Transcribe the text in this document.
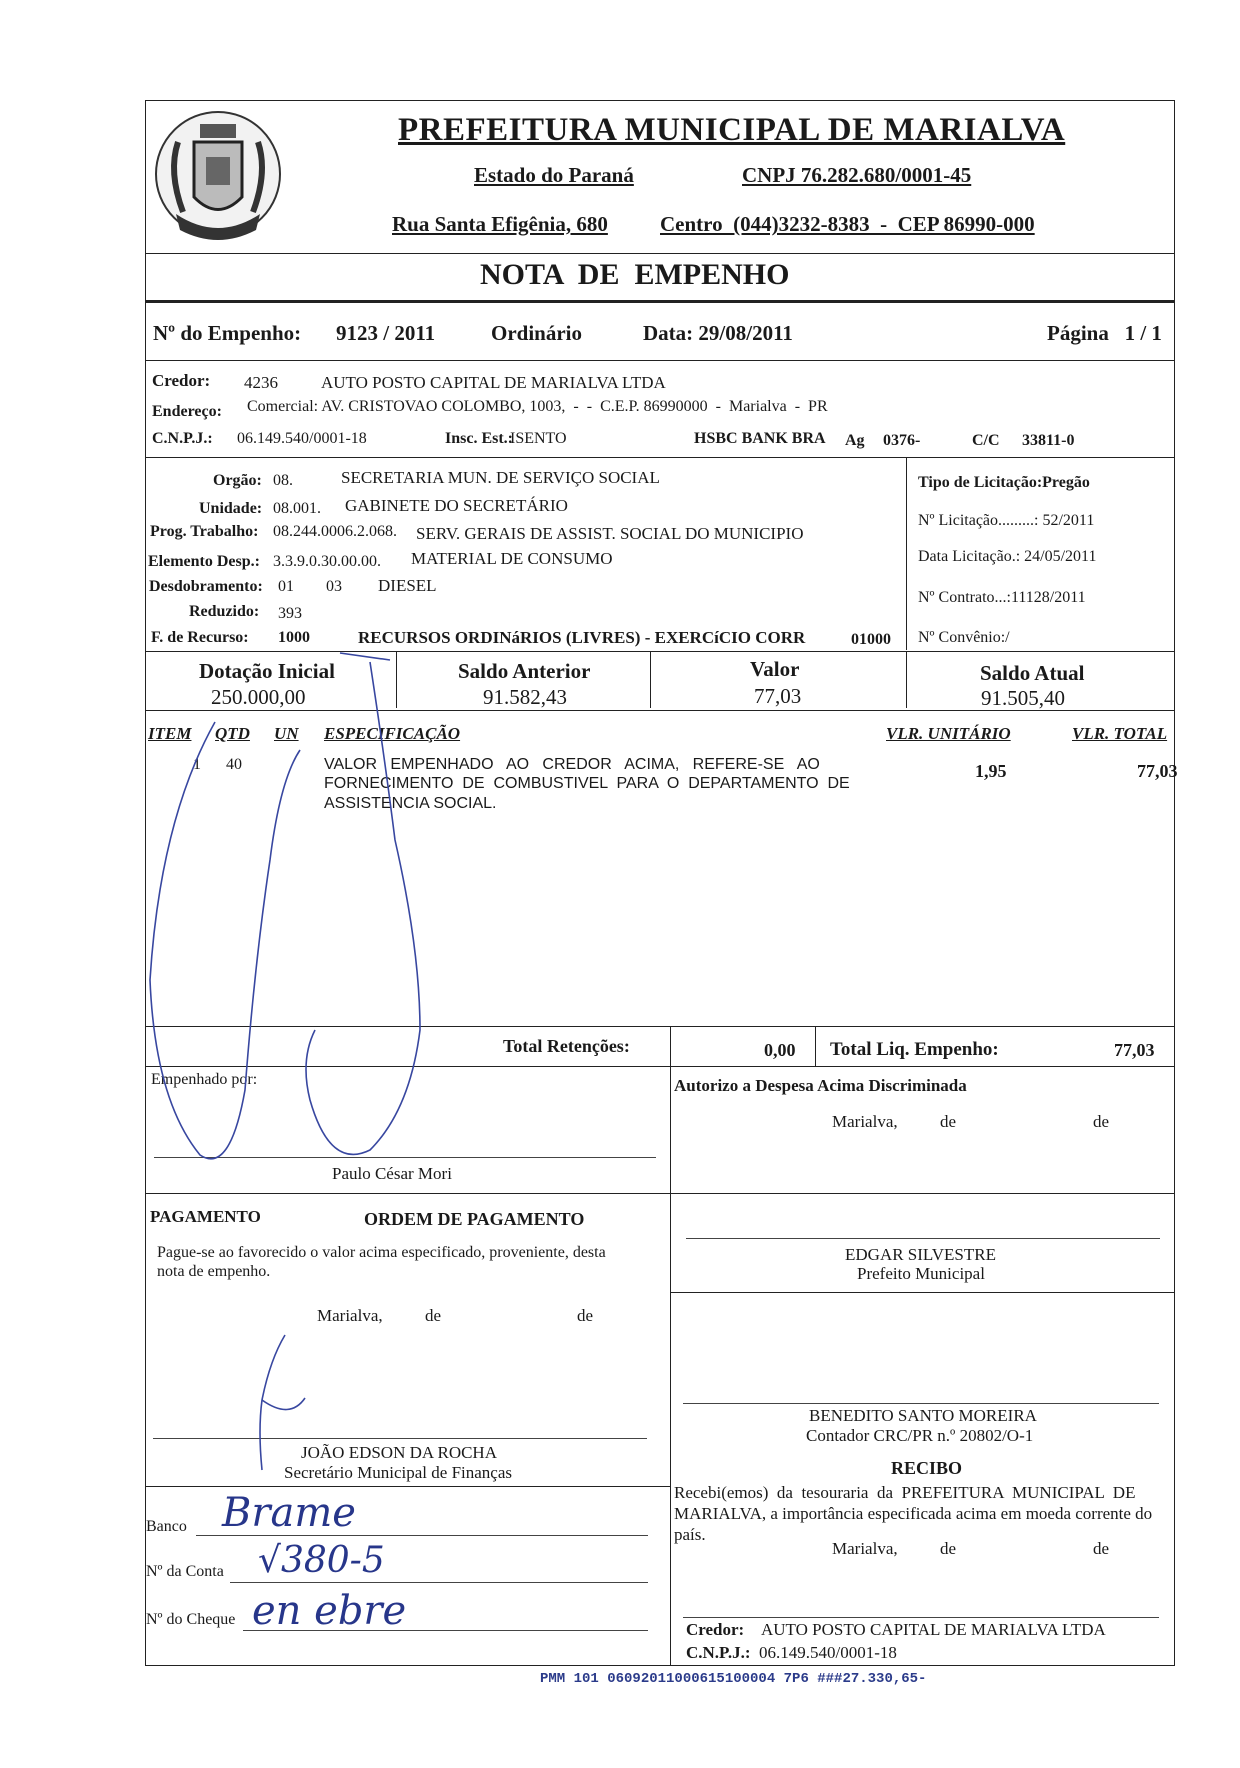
PREFEITURA MUNICIPAL DE MARIALVA
Estado do Paraná	CNPJ 76.282.680/0001-45
Rua Santa Efigênia, 680 Centro  (044)3232-8383  -  CEP 86990-000
NOTA  DE  EMPENHO
Nº do Empenho: 9123 / 2011	Ordinário	Data: 29/08/2011	Página   1 / 1
Credor: 4236	AUTO POSTO CAPITAL DE MARIALVA LTDA
Endereço: Comercial: AV. CRISTOVAO COLOMBO, 1003,  -  -  C.E.P. 86990000  -  Marialva  -  PR
C.N.P.J.: 06.149.540/0001-18	Insc. Est.:
ISENTO	HSBC BANK BRA Ag 0376-	C/C 33811-0
Orgão: 08.	SECRETARIA MUN. DE SERVIÇO SOCIAL
Unidade: 08.001. GABINETE DO SECRETÁRIO
Prog. Trabalho: 08.244.0006.2.068. SERV. GERAIS DE ASSIST. SOCIAL DO MUNICIPIO
Elemento Desp.: 3.3.9.0.30.00.00. MATERIAL DE CONSUMO
Desdobramento: 01 03 DIESEL
Reduzido: 393
F. de Recurso: 1000	RECURSOS ORDINáRIOS (LIVRES) - EXERCíCIO CORR	01000
Tipo de Licitação:Pregão
Nº Licitação.........: 52/2011
Data Licitação.: 24/05/2011
Nº Contrato...:11128/2011
Nº Convênio:/
Dotação Inicial
250.000,00
Saldo Anterior
91.582,43
Valor
77,03
Saldo Atual
91.505,40
ITEM QTD UN ESPECIFICAÇÃO	VLR. UNITÁRIO	VLR. TOTAL
1 40	VALOR   EMPENHADO   AO   CREDOR   ACIMA,   REFERE-SE   AO
FORNECIMENTO  DE  COMBUSTIVEL  PARA  O  DEPARTAMENTO  DE
ASSISTENCIA SOCIAL.
1,95	77,03
Total Retenções:	0,00 Total Liq. Empenho:	77,03
Empenhado por:
Paulo César Mori
Autorizo a Despesa Acima Discriminada
Marialva, de	de
PAGAMENTO	ORDEM DE PAGAMENTO
Pague-se ao favorecido o valor acima especificado, proveniente, desta
nota de empenho.
Marialva, de	de
EDGAR SILVESTRE
Prefeito Municipal
BENEDITO SANTO MOREIRA
Contador CRC/PR n.º 20802/O-1
RECIBO
Recebi(emos)  da  tesouraria  da  PREFEITURA  MUNICIPAL  DE
MARIALVA, a importância especificada acima em moeda corrente do
país.
Marialva, de	de
JOÃO EDSON DA ROCHA
Secretário Municipal de Finanças
Banco Brame
Nº da Conta √380-5
Nº do Cheque en ebre	Credor: AUTO POSTO CAPITAL DE MARIALVA LTDA
C.N.P.J.: 06.149.540/0001-18
PMM 101 06092011000615100004 7P6 ###27.330,65-
